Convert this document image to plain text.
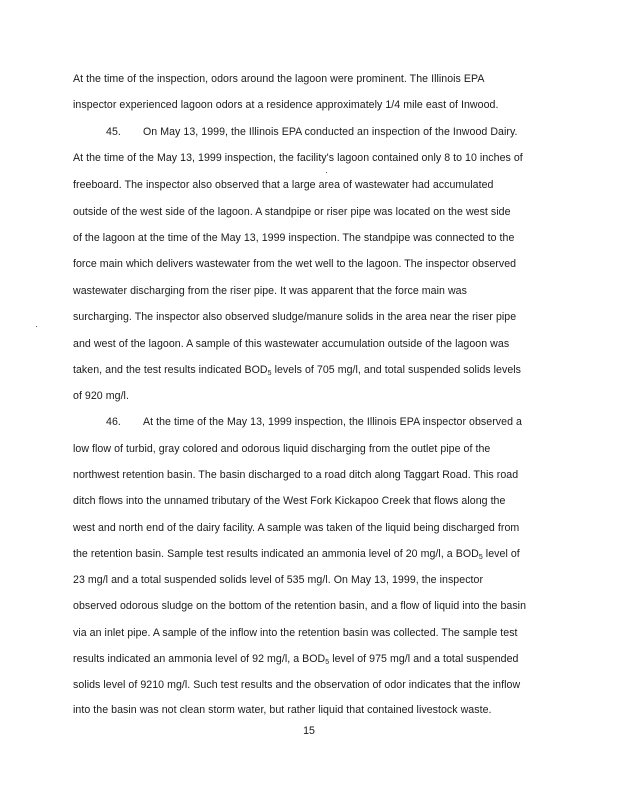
At the time of the inspection, odors around the lagoon were prominent. The Illinois EPA
inspector experienced lagoon odors at a residence approximately 1/4 mile east of Inwood.
45. On May 13, 1999, the Illinois EPA conducted an inspection of the Inwood Dairy.
At the time of the May 13, 1999 inspection, the facility's lagoon contained only 8 to 10 inches of
freeboard. The inspector also observed that a large area of wastewater had accumulated
outside of the west side of the lagoon. A standpipe or riser pipe was located on the west side
of the lagoon at the time of the May 13, 1999 inspection. The standpipe was connected to the
force main which delivers wastewater from the wet well to the lagoon. The inspector observed
wastewater discharging from the riser pipe. It was apparent that the force main was
surcharging. The inspector also observed sludge/manure solids in the area near the riser pipe
and west of the lagoon. A sample of this wastewater accumulation outside of the lagoon was
taken, and the test results indicated $BOD_5$ levels of 705 mg/l, and total suspended solids levels
of 920 mg/l.
46. At the time of the May 13, 1999 inspection, the Illinois EPA inspector observed a
low flow of turbid, gray colored and odorous liquid discharging from the outlet pipe of the
northwest retention basin. The basin discharged to a road ditch along Taggart Road. This road
ditch flows into the unnamed tributary of the West Fork Kickapoo Creek that flows along the
west and north end of the dairy facility. A sample was taken of the liquid being discharged from
the retention basin. Sample test results indicated an ammonia level of 20 mg/l, a $BOD_5$ level of
23 mg/l and a total suspended solids level of 535 mg/l. On May 13, 1999, the inspector
observed odorous sludge on the bottom of the retention basin, and a flow of liquid into the basin
via an inlet pipe. A sample of the inflow into the retention basin was collected. The sample test
results indicated an ammonia level of 92 mg/l, a $BOD_5$ level of 975 mg/l and a total suspended
solids level of 9210 mg/l. Such test results and the observation of odor indicates that the inflow
into the basin was not clean storm water, but rather liquid that contained livestock waste.
15
